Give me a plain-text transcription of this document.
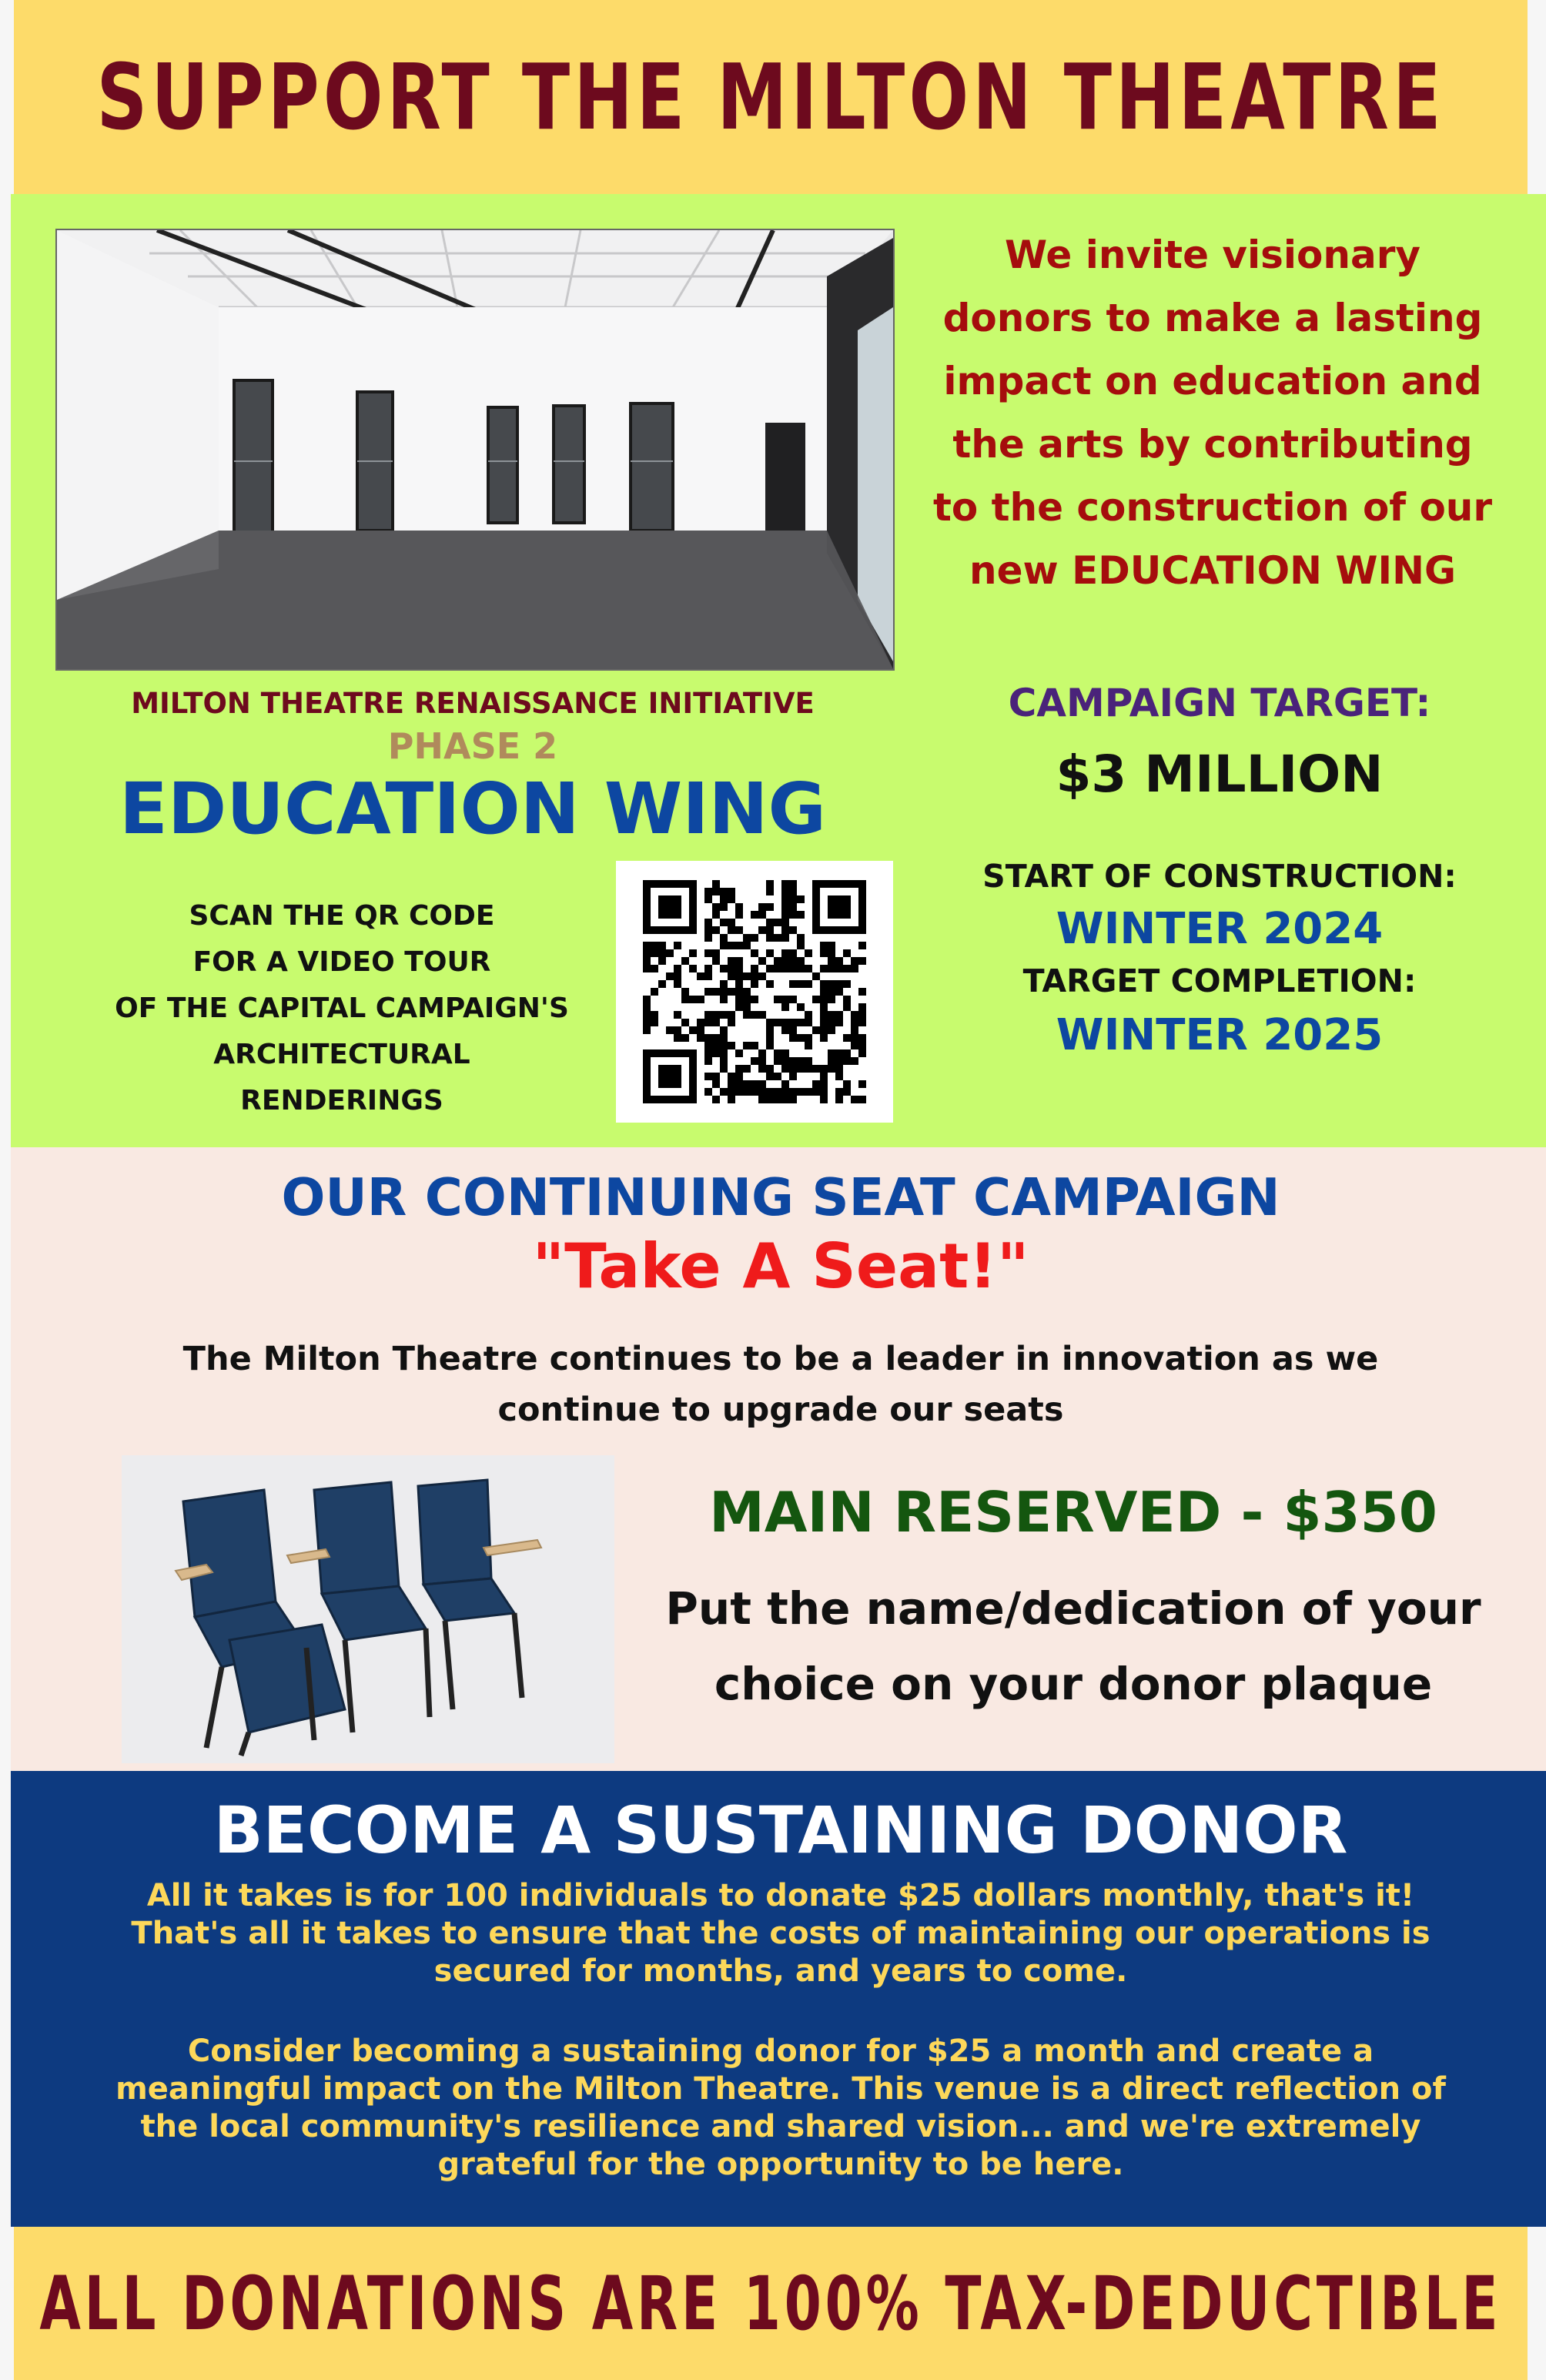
SUPPORT THE MILTON THEATRE
We invite visionary
donors to make a lasting
impact on education and
the arts by contributing
to the construction of our
new EDUCATION WING
MILTON THEATRE RENAISSANCE INITIATIVE
PHASE 2
EDUCATION WING
SCAN THE QR CODE
FOR A VIDEO TOUR
OF THE CAPITAL CAMPAIGN'S
ARCHITECTURAL
RENDERINGS
CAMPAIGN TARGET:
$3 MILLION
START OF CONSTRUCTION:
WINTER 2024
TARGET COMPLETION:
WINTER 2025
OUR CONTINUING SEAT CAMPAIGN
"Take A Seat!"
The Milton Theatre continues to be a leader in innovation as we
continue to upgrade our seats
MAIN RESERVED - $350
Put the name/dedication of your
choice on your donor plaque
BECOME A SUSTAINING DONOR
All it takes is for 100 individuals to donate $25 dollars monthly, that's it!
That's all it takes to ensure that the costs of maintaining our operations is
secured for months, and years to come.
Consider becoming a sustaining donor for $25 a month and create a
meaningful impact on the Milton Theatre. This venue is a direct reflection of
the local community's resilience and shared vision... and we're extremely
grateful for the opportunity to be here.
ALL DONATIONS ARE 100% TAX-DEDUCTIBLE
